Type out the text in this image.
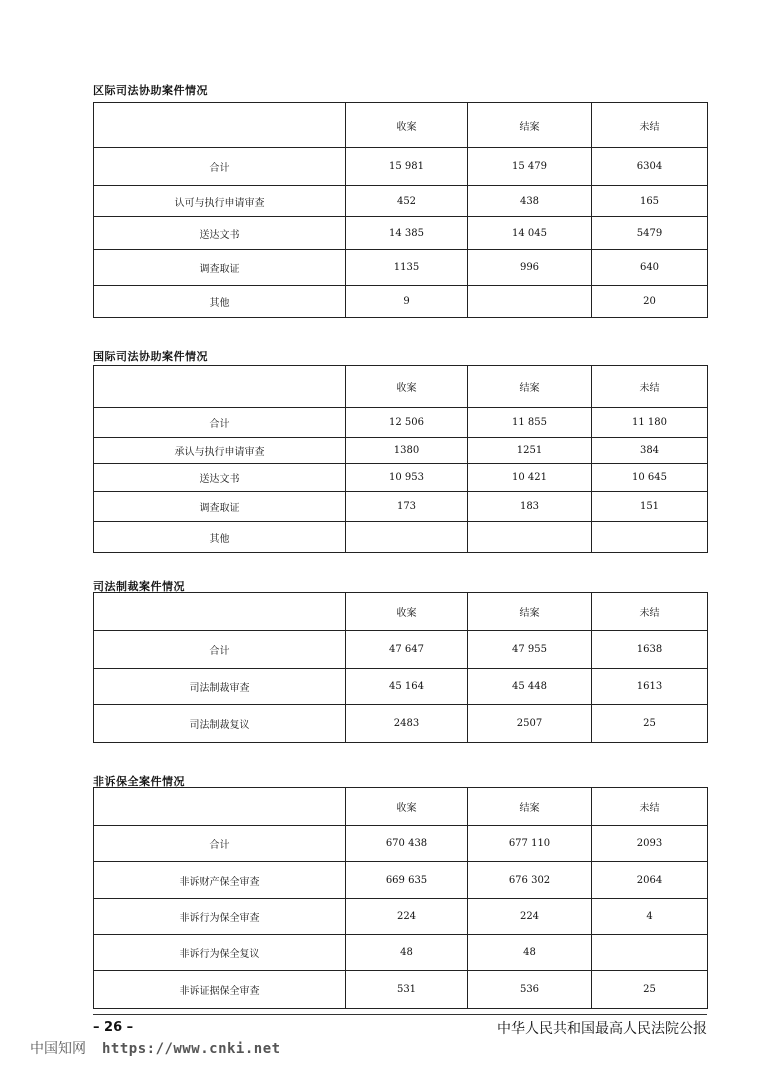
区际司法协助案件情况
	收案	结案	未结
合计	15 981	15 479	6304
认可与执行申请审查	452	438	165
送达文书	14 385	14 045	5479
调查取证	1135	996	640
其他	9		20
国际司法协助案件情况
	收案	结案	未结
合计	12 506	11 855	11 180
承认与执行申请审查	1380	1251	384
送达文书	10 953	10 421	10 645
调查取证	173	183	151
其他			
司法制裁案件情况
	收案	结案	未结
合计	47 647	47 955	1638
司法制裁审查	45 164	45 448	1613
司法制裁复议	2483	2507	25
非诉保全案件情况
	收案	结案	未结
合计	670 438	677 110	2093
非诉财产保全审查	669 635	676 302	2064
非诉行为保全审查	224	224	4
非诉行为保全复议	48	48	
非诉证据保全审查	531	536	25
– 26 –	中华人民共和国最高人民法院公报
中国知网 https://www.cnki.net
